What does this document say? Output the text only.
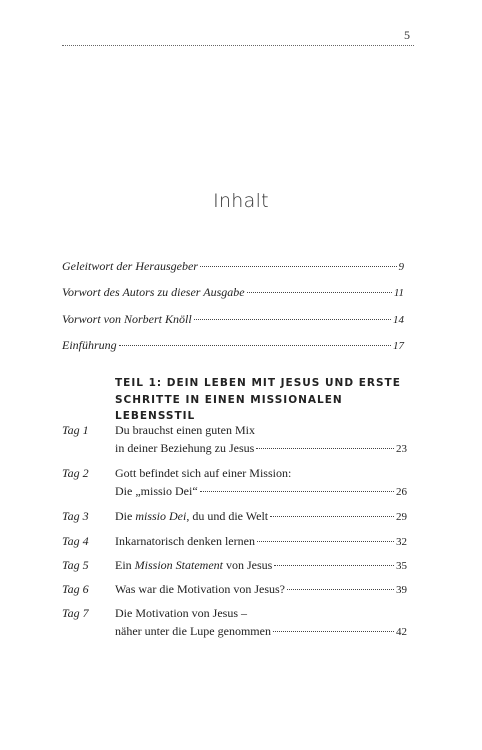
5
Inhalt
Geleitwort der Herausgeber	9
Vorwort des Autors zu dieser Ausgabe	11
Vorwort von Norbert Knöll	14
Einführung	17
TEIL 1: DEIN LEBEN MIT JESUS UND ERSTE
SCHRITTE IN EINEN MISSIONALEN LEBENSSTIL
Tag 1	Du brauchst einen guten Mix
in deiner Beziehung zu Jesus	23
Tag 2	Gott befindet sich auf einer Mission:
Die „missio Dei“	26
Tag 3	Die missio Dei, du und die Welt	29
Tag 4	Inkarnatorisch denken lernen	32
Tag 5	Ein Mission Statement von Jesus	35
Tag 6	Was war die Motivation von Jesus?	39
Tag 7	Die Motivation von Jesus –
näher unter die Lupe genommen	42
